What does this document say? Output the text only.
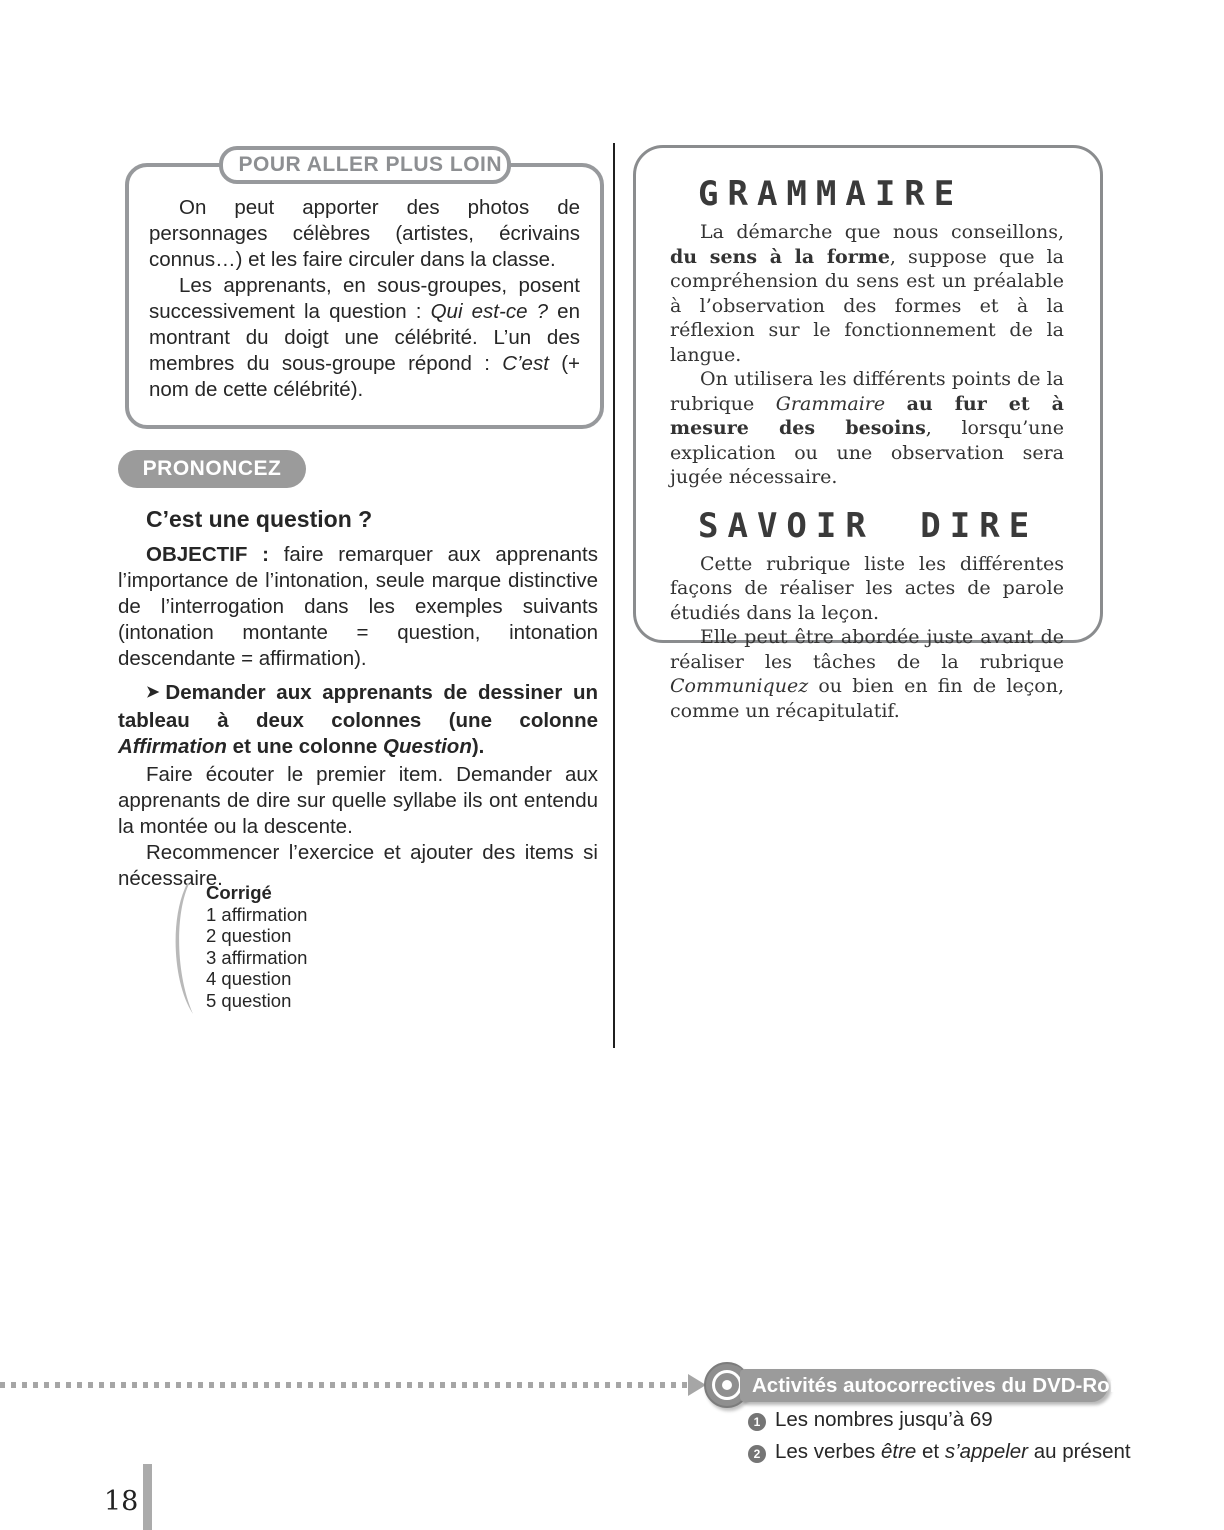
POUR ALLER PLUS LOIN

On peut apporter des photos de personnages célèbres (artistes, écrivains connus…) et les faire circuler dans la classe.

Les apprenants, en sous-groupes, posent successivement la question : Qui est-ce ? en montrant du doigt une célébrité. L’un des membres du sous-groupe répond : C’est (+ nom de cette célébrité).

PRONONCEZ
C’est une question ?

OBJECTIF : faire remarquer aux apprenants l’importance de l’intonation, seule marque distinctive de l’interrogation dans les exemples suivants (intonation montante = question, intonation descendante = affirmation).

➤ Demander aux apprenants de dessiner un tableau à deux colonnes (une colonne Affirmation et une colonne Question).

Faire écouter le premier item. Demander aux apprenants de dire sur quelle syllabe ils ont entendu la montée ou la descente.

Recommencer l’exercice et ajouter des items si nécessaire.

Corrigé

1 affirmation

2 question

3 affirmation

4 question

5 question

GRAMMAIRE

La démarche que nous conseillons, du sens à la forme, suppose que la compréhension du sens est un préalable à l’observation des formes et à la réflexion sur le fonctionnement de la langue.

On utilisera les différents points de la rubrique Grammaire au fur et à mesure des besoins, lorsqu’une explication ou une observation sera jugée nécessaire.

SAVOIR DIRE

Cette rubrique liste les différentes façons de réaliser les actes de parole étudiés dans la leçon.

Elle peut être abordée juste avant de réaliser les tâches de la rubrique Communiquez ou bien en fin de leçon, comme un récapitulatif.

Activités autocorrectives du DVD-Rom
1 Les nombres jusqu’à 69
2 Les verbes être et s’appeler au présent
18
